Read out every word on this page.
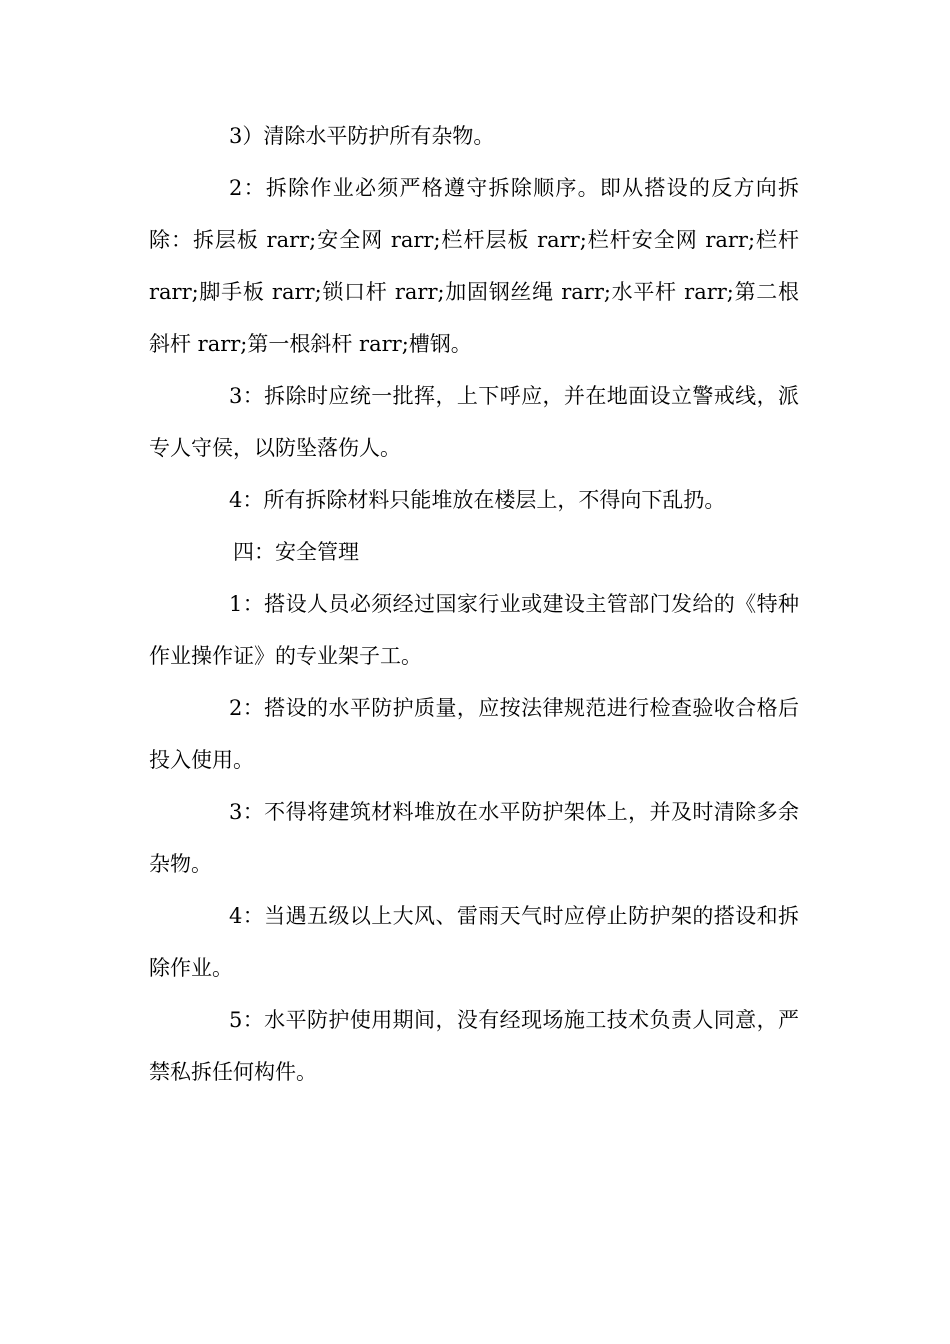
3）清除水平防护所有杂物。

2：拆除作业必须严格遵守拆除顺序。即从搭设的反方向拆除：拆层板 rarr;安全网 rarr;栏杆层板 rarr;栏杆安全网 rarr;栏杆 rarr;脚手板 rarr;锁口杆 rarr;加固钢丝绳 rarr;水平杆 rarr;第二根斜杆 rarr;第一根斜杆 rarr;槽钢。

3：拆除时应统一批挥，上下呼应，并在地面设立警戒线，派专人守侯，以防坠落伤人。

4：所有拆除材料只能堆放在楼层上，不得向下乱扔。

四：安全管理

1：搭设人员必须经过国家行业或建设主管部门发给的《特种作业操作证》的专业架子工。

2：搭设的水平防护质量，应按法律规范进行检查验收合格后投入使用。

3：不得将建筑材料堆放在水平防护架体上，并及时清除多余杂物。

4：当遇五级以上大风、雷雨天气时应停止防护架的搭设和拆除作业。

5：水平防护使用期间，没有经现场施工技术负责人同意，严禁私拆任何构件。
